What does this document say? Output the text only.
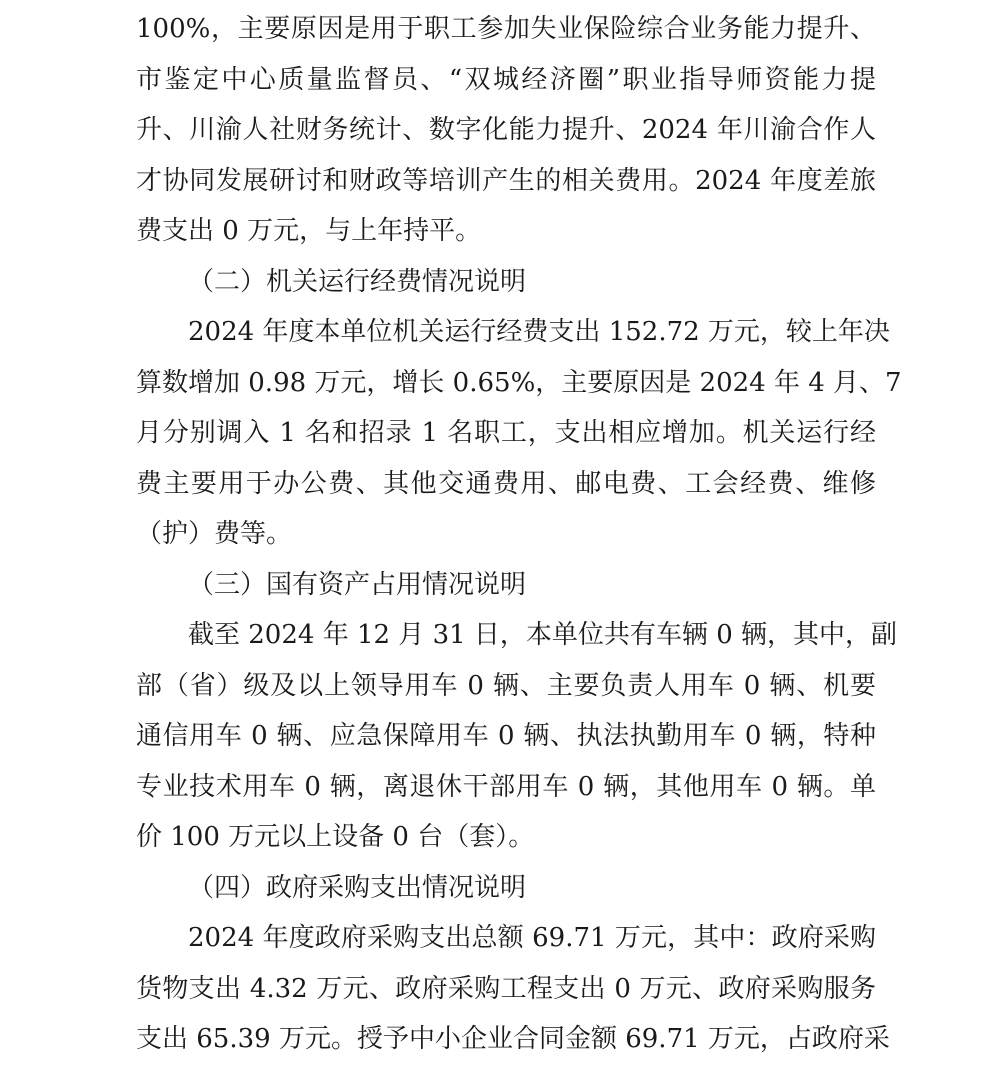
100%，主要原因是用于职工参加失业保险综合业务能力提升、
市鉴定中心质量监督员、“双城经济圈”职业指导师资能力提
升、川渝人社财务统计、数字化能力提升、2024 年川渝合作人
才协同发展研讨和财政等培训产生的相关费用。2024 年度差旅
费支出 0 万元，与上年持平。
（二）机关运行经费情况说明
2024 年度本单位机关运行经费支出 152.72 万元，较上年决
算数增加 0.98 万元，增长 0.65%，主要原因是 2024 年 4 月、7
月分别调入 1 名和招录 1 名职工，支出相应增加。机关运行经
费主要用于办公费、其他交通费用、邮电费、工会经费、维修
（护）费等。
（三）国有资产占用情况说明
截至 2024 年 12 月 31 日，本单位共有车辆 0 辆，其中，副
部（省）级及以上领导用车 0 辆、主要负责人用车 0 辆、机要
通信用车 0 辆、应急保障用车 0 辆、执法执勤用车 0 辆，特种
专业技术用车 0 辆，离退休干部用车 0 辆，其他用车 0 辆。单
价 100 万元以上设备 0 台（套）。
（四）政府采购支出情况说明
2024 年度政府采购支出总额 69.71 万元，其中：政府采购
货物支出 4.32 万元、政府采购工程支出 0 万元、政府采购服务
支出 65.39 万元。授予中小企业合同金额 69.71 万元，占政府采
